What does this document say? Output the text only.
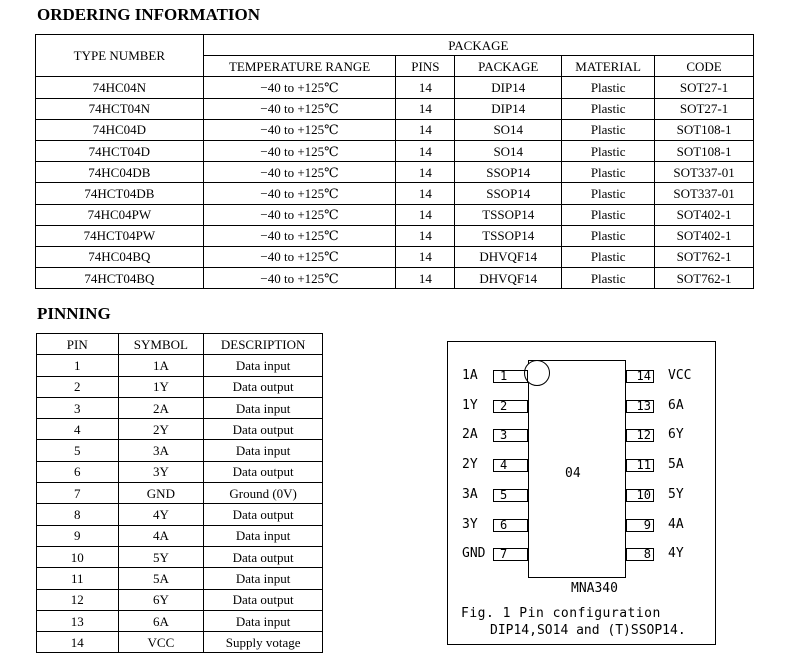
ORDERING INFORMATION
TYPE NUMBER	PACKAGE				
	TEMPERATURE RANGE	PINS	PACKAGE	MATERIAL	CODE
74HC04N	−40 to +125℃	14	DIP14	Plastic	SOT27-1
74HCT04N	−40 to +125℃	14	DIP14	Plastic	SOT27-1
74HC04D	−40 to +125℃	14	SO14	Plastic	SOT108-1
74HCT04D	−40 to +125℃	14	SO14	Plastic	SOT108-1
74HC04DB	−40 to +125℃	14	SSOP14	Plastic	SOT337-01
74HCT04DB	−40 to +125℃	14	SSOP14	Plastic	SOT337-01
74HC04PW	−40 to +125℃	14	TSSOP14	Plastic	SOT402-1
74HCT04PW	−40 to +125℃	14	TSSOP14	Plastic	SOT402-1
74HC04BQ	−40 to +125℃	14	DHVQF14	Plastic	SOT762-1
74HCT04BQ	−40 to +125℃	14	DHVQF14	Plastic	SOT762-1
PINNING
PIN	SYMBOL	DESCRIPTION
1	1A	Data input
2	1Y	Data output
3	2A	Data input
4	2Y	Data output
5	3A	Data input
6	3Y	Data output
7	GND	Ground (0V)
8	4Y	Data output
9	4A	Data input
10	5Y	Data output
11	5A	Data input
12	6Y	Data output
13	6A	Data input
14	VCC	Supply votage
1A	1
1Y	2
2A	3
2Y	4
3A	5
3Y	6
GND	7
14 VCC
13 6A
12 6Y
11 5A
10 5Y
9 4A
8 4Y
04
MNA340
Fig. 1 Pin configuration
DIP14,SO14 and (T)SSOP14.
